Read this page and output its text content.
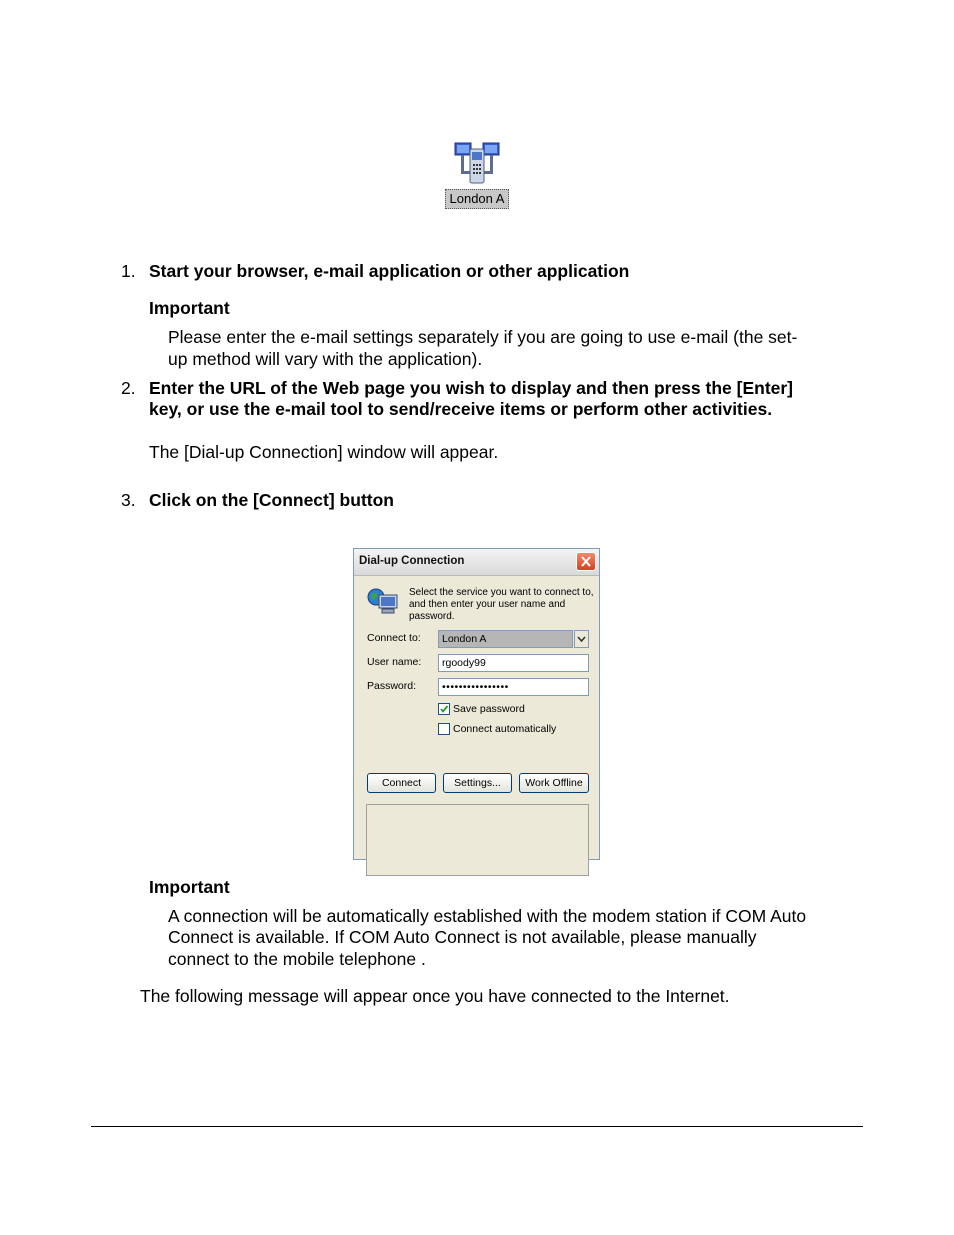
London A

1. Start your browser, e-mail application or other application

Important

Please enter the e-mail settings separately if you are going to use e-mail (the set-

up method will vary with the application).

2. Enter the URL of the Web page you wish to display and then press the [Enter]

key, or use the e-mail tool to send/receive items or perform other activities.

The [Dial-up Connection] window will appear.

3. Click on the [Connect] button

Dial-up Connection
Select the service you want to connect to, and then enter your user name and password.
Connect to:	London A
User name:	rgoody99
Password:	••••••••••••••••
Save password
Connect automatically
Connect	Settings...	Work Offline

Important

A connection will be automatically established with the modem station if COM Auto

Connect is available. If COM Auto Connect is not available, please manually

connect to the mobile telephone .

The following message will appear once you have connected to the Internet.
